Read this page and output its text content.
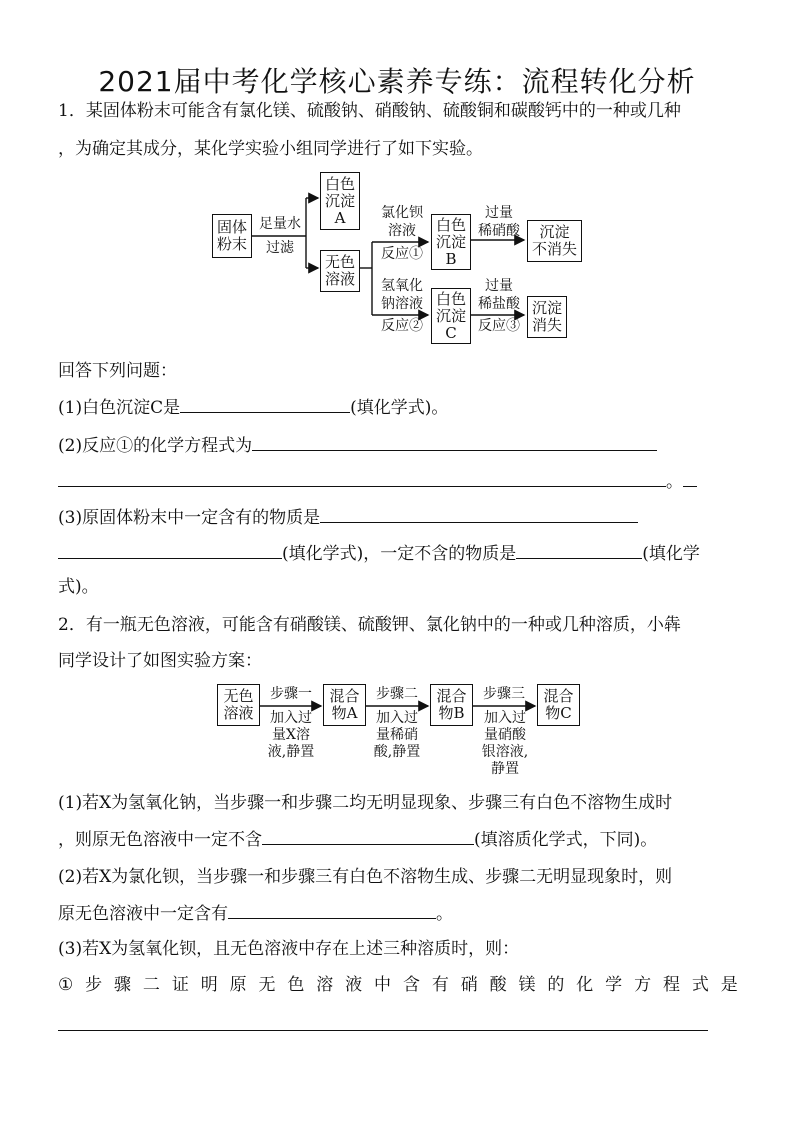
2021届中考化学核心素养专练：流程转化分析
1．某固体粉末可能含有氯化镁、硫酸钠、硝酸钠、硫酸铜和碳酸钙中的一种或几种
，为确定其成分，某化学实验小组同学进行了如下实验。
固体
粉末
足量水
过滤
白色
沉淀
A
无色
溶液
氯化钡
溶液
反应①
白色
沉淀
B
过量
稀硝酸	沉淀
不消失
氢氧化
钠溶液
反应②
白色
沉淀
C
过量
稀盐酸
反应③
沉淀
消失
回答下列问题：
(1)白色沉淀C是	(填化学式)。
(2)反应①的化学方程式为
。
(3)原固体粉末中一定含有的物质是
(填化学式)，一定不含的物质是	(填化学
式)。
2．有一瓶无色溶液，可能含有硝酸镁、硫酸钾、氯化钠中的一种或几种溶质，小犇
同学设计了如图实验方案：
无色
溶液
步骤一
加入过
量X溶
液,静置
混合
物A
步骤二
加入过
量稀硝
酸,静置
混合
物B
步骤三
加入过
量硝酸
银溶液,
静置
混合
物C
(1)若X为氢氧化钠，当步骤一和步骤二均无明显现象、步骤三有白色不溶物生成时
，则原无色溶液中一定不含	(填溶质化学式，下同)。
(2)若X为氯化钡，当步骤一和步骤三有白色不溶物生成、步骤二无明显现象时，则
原无色溶液中一定含有	。
(3)若X为氢氧化钡，且无色溶液中存在上述三种溶质时，则：
① 步 骤 二 证 明 原 无 色 溶 液 中 含 有 硝 酸 镁 的 化 学 方 程 式 是
